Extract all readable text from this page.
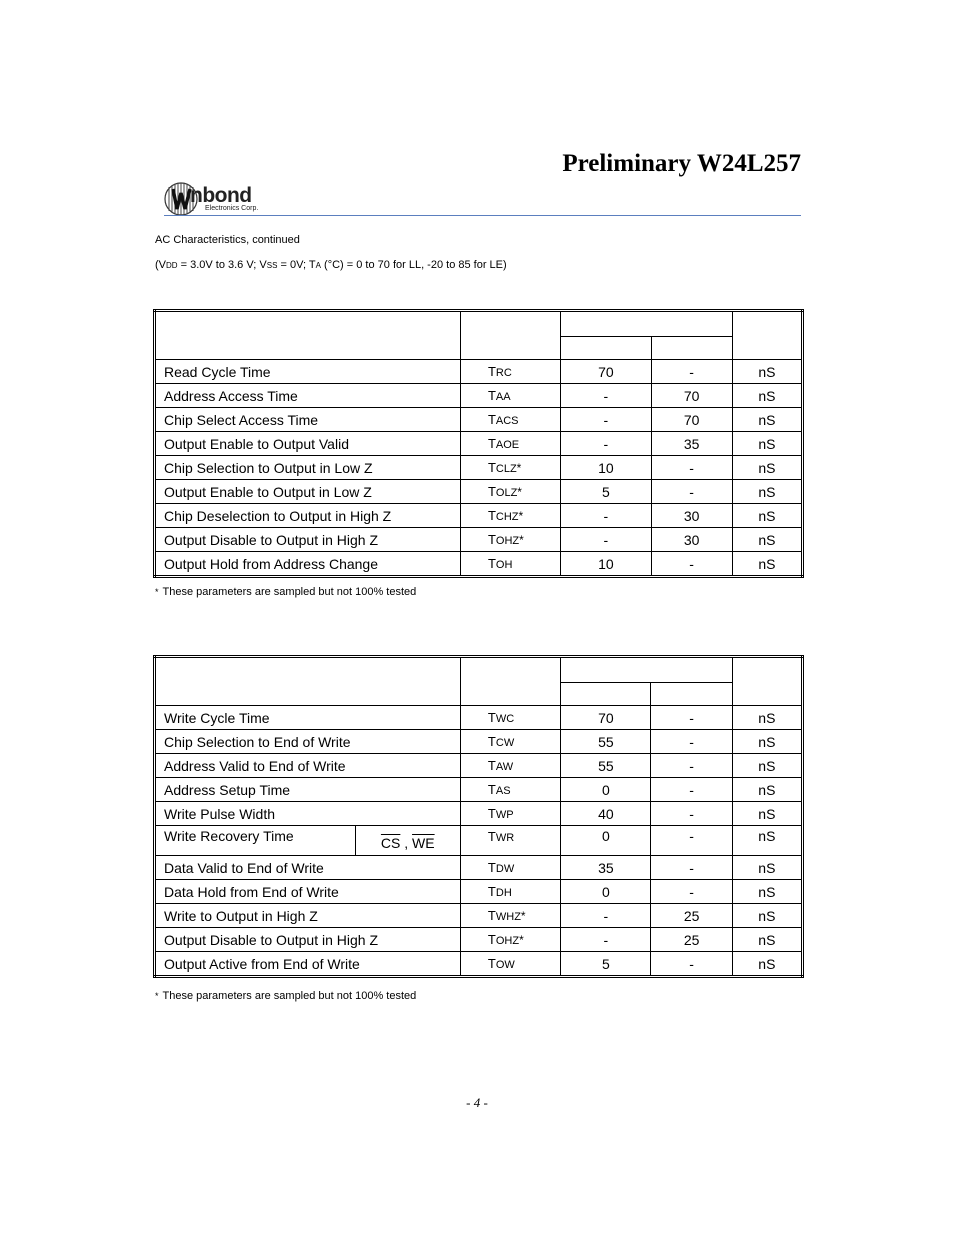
Preliminary W24L257
nbond
Electronics Corp.
AC Characteristics, continued
(VDD = 3.0V to 3.6 V; VSS = 0V; TA (°C) = 0 to 70 for LL, -20 to 85 for LE)

Read Cycle Time	TRC	70	-	nS
Address Access Time	TAA	-	70	nS
Chip Select Access Time	TACS	-	70	nS
Output Enable to Output Valid	TAOE	-	35	nS
Chip Selection to Output in Low Z	TCLZ*	10	-	nS
Output Enable to Output in Low Z	TOLZ*	5	-	nS
Chip Deselection to Output in High Z	TCHZ*	-	30	nS
Output Disable to Output in High Z	TOHZ*	-	30	nS
Output Hold from Address Change	TOH	10	-	nS
* These parameters are sampled but not 100% tested

Write Cycle Time		TWC	70	-	nS
Chip Selection to End of Write		TCW	55	-	nS
Address Valid to End of Write		TAW	55	-	nS
Address Setup Time		TAS	0	-	nS
Write Pulse Width		TWP	40	-	nS
Write Recovery Time	$\overline{CS}$ , $\overline{WE}$	TWR	0	-	nS
Data Valid to End of Write		TDW	35	-	nS
Data Hold from End of Write		TDH	0	-	nS
Write to Output in High Z		TWHZ*	-	25	nS
Output Disable to Output in High Z		TOHZ*	-	25	nS
Output Active from End of Write		TOW	5	-	nS
* These parameters are sampled but not 100% tested
- 4 -
